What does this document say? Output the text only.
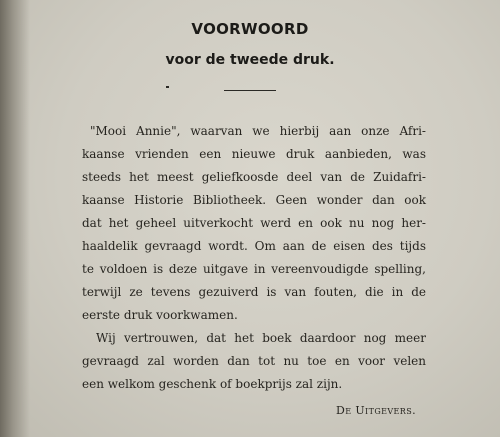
VOORWOORD
voor de tweede druk.
"Mooi Annie", waarvan we hierbij aan onze Afri-
kaanse vrienden een nieuwe druk aanbieden, was
steeds het meest geliefkoosde deel van de Zuidafri-
kaanse Historie Bibliotheek. Geen wonder dan ook
dat het geheel uitverkocht werd en ook nu nog her-
haaldelik gevraagd wordt. Om aan de eisen des tijds
te voldoen is deze uitgave in vereenvoudigde spelling,
terwijl ze tevens gezuiverd is van fouten, die in de
eerste druk voorkwamen.
Wij vertrouwen, dat het boek daardoor nog meer
gevraagd zal worden dan tot nu toe en voor velen
een welkom geschenk of boekprijs zal zijn.
De Uitgevers.
